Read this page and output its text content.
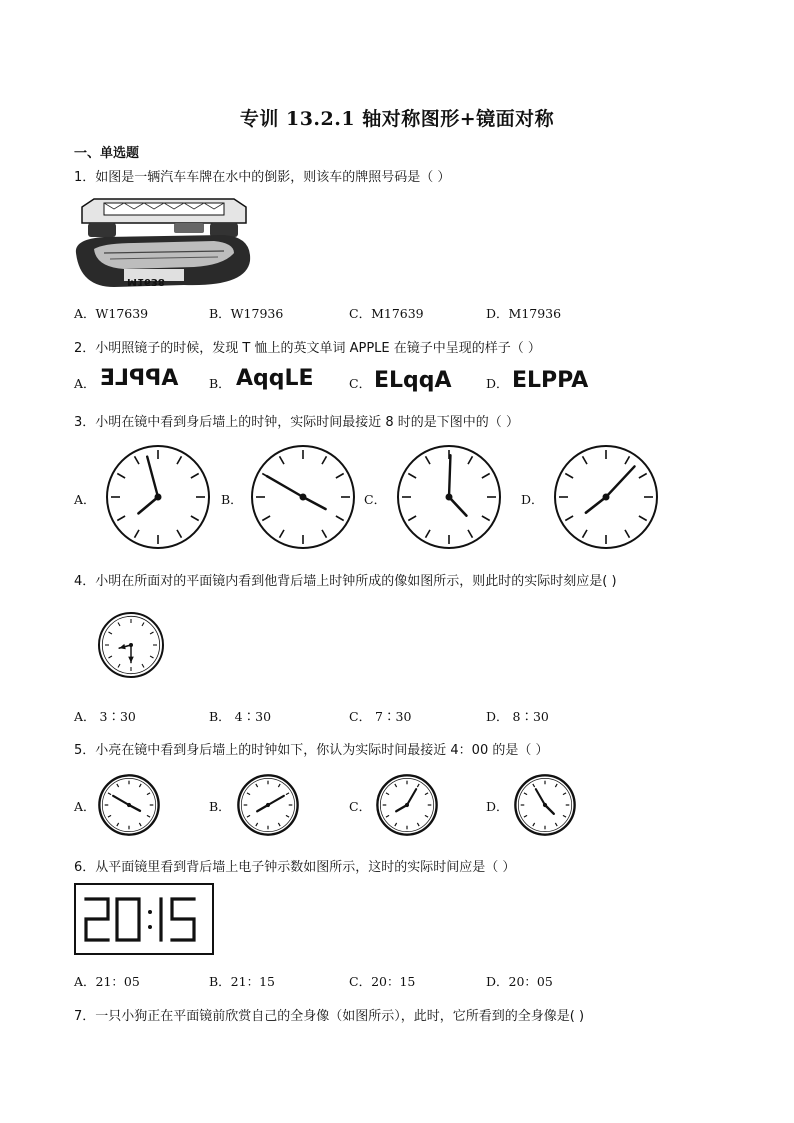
专训 13.2.1 轴对称图形+镜面对称
一、单选题
1．如图是一辆汽车车牌在水中的倒影，则该车的牌照号码是（ ）
M1638
A．W17639	B．W17936	C．M17639	D．M17936
2．小明照镜子的时候，发现 T 恤上的英文单词 APPLE 在镜子中呈现的样子（ ）
A． APPLE B． AqqLE	C． ELqqA	D． ELPPA
3．小明在镜中看到身后墙上的时钟，实际时间最接近 8 时的是下图中的（ ）
A．	B．	C．	D．
4．小明在所面对的平面镜内看到他背后墙上时钟所成的像如图所示，则此时的实际时刻应是( )
A． 3∶30	B． 4∶30	C． 7∶30	D． 8∶30
5．小亮在镜中看到身后墙上的时钟如下，你认为实际时间最接近 4：00 的是（ ）
A．	B．	C．	D．
6．从平面镜里看到背后墙上电子钟示数如图所示，这时的实际时间应是（ ）
A．21：05	B．21：15	C．20：15	D．20：05
7．一只小狗正在平面镜前欣赏自己的全身像（如图所示），此时，它所看到的全身像是( )
